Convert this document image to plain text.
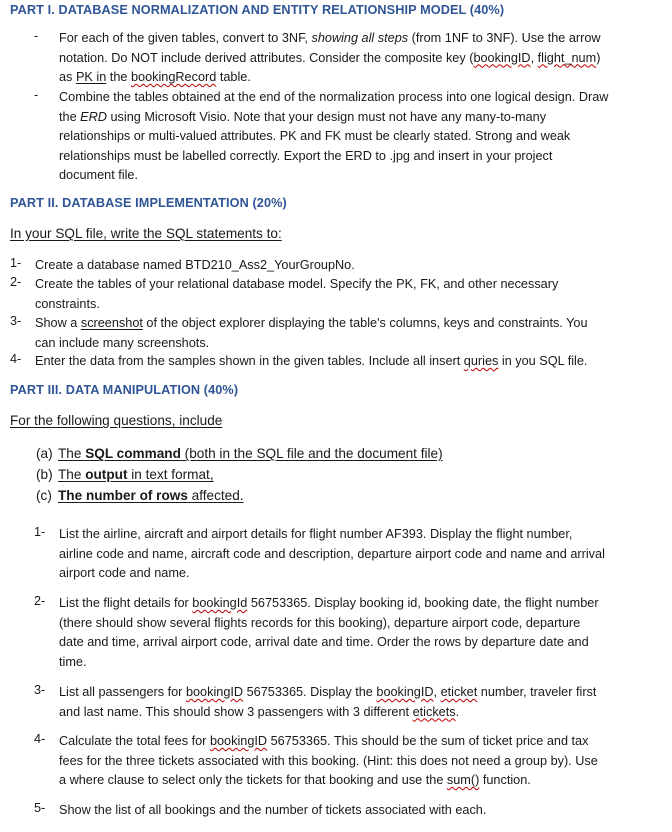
PART I. DATABASE NORMALIZATION AND ENTITY RELATIONSHIP MODEL (40%)
- For each of the given tables, convert to 3NF, showing all steps (from 1NF to 3NF). Use the arrow
notation. Do NOT include derived attributes. Consider the composite key (bookingID, flight_num)
as PK in the bookingRecord table.
- Combine the tables obtained at the end of the normalization process into one logical design. Draw
the ERD using Microsoft Visio. Note that your design must not have any many-to-many
relationships or multi-valued attributes. PK and FK must be clearly stated. Strong and weak
relationships must be labelled correctly. Export the ERD to .jpg and insert in your project
document file.
PART II. DATABASE IMPLEMENTATION (20%)
In your SQL file, write the SQL statements to:
1- Create a database named BTD210_Ass2_YourGroupNo.
2- Create the tables of your relational database model. Specify the PK, FK, and other necessary
constraints.
3- Show a screenshot of the object explorer displaying the table's columns, keys and constraints. You
can include many screenshots.
4- Enter the data from the samples shown in the given tables. Include all insert quries in you SQL file.
PART III. DATA MANIPULATION (40%)
For the following questions, include
(a) The SQL command (both in the SQL file and the document file)
(b) The output in text format,
(c) The number of rows affected.
1- List the airline, aircraft and airport details for flight number AF393. Display the flight number,
airline code and name, aircraft code and description, departure airport code and name and arrival
airport code and name.
2- List the flight details for bookingId 56753365. Display booking id, booking date, the flight number
(there should show several flights records for this booking), departure airport code, departure
date and time, arrival airport code, arrival date and time. Order the rows by departure date and
time.
3- List all passengers for bookingID 56753365. Display the bookingID, eticket number, traveler first
and last name. This should show 3 passengers with 3 different etickets.
4- Calculate the total fees for bookingID 56753365. This should be the sum of ticket price and tax
fees for the three tickets associated with this booking. (Hint: this does not need a group by). Use
a where clause to select only the tickets for that booking and use the sum() function.
5- Show the list of all bookings and the number of tickets associated with each.
